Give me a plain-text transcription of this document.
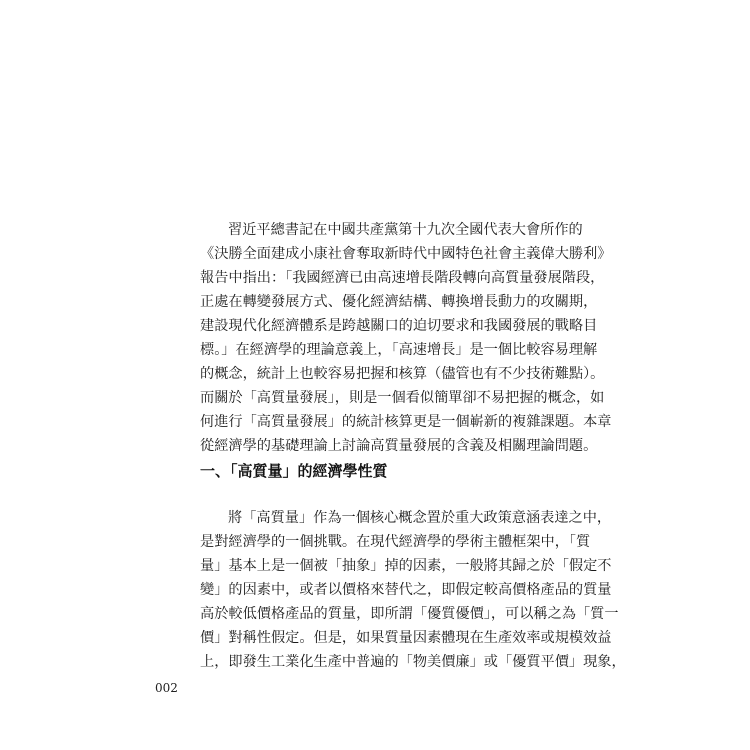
習近平總書記在中國共產黨第十九次全國代表大會所作的
《決勝全面建成小康社會奪取新時代中國特色社會主義偉大勝利》
報告中指出：「我國經濟已由高速增長階段轉向高質量發展階段，
正處在轉變發展方式、優化經濟結構、轉換增長動力的攻關期，
建設現代化經濟體系是跨越關口的迫切要求和我國發展的戰略目
標。」在經濟學的理論意義上，「高速增長」是一個比較容易理解
的概念，統計上也較容易把握和核算（儘管也有不少技術難點）。
而關於「高質量發展」，則是一個看似簡單卻不易把握的概念，如
何進行「高質量發展」的統計核算更是一個嶄新的複雜課題。本章
從經濟學的基礎理論上討論高質量發展的含義及相關理論問題。
一、「高質量」的經濟學性質
將「高質量」作為一個核心概念置於重大政策意涵表達之中，
是對經濟學的一個挑戰。在現代經濟學的學術主體框架中，「質
量」基本上是一個被「抽象」掉的因素，一般將其歸之於「假定不
變」的因素中，或者以價格來替代之，即假定較高價格產品的質量
高於較低價格產品的質量，即所謂「優質優價」，可以稱之為「質一
價」對稱性假定。但是，如果質量因素體現在生產效率或規模效益
上，即發生工業化生產中普遍的「物美價廉」或「優質平價」現象，
002
